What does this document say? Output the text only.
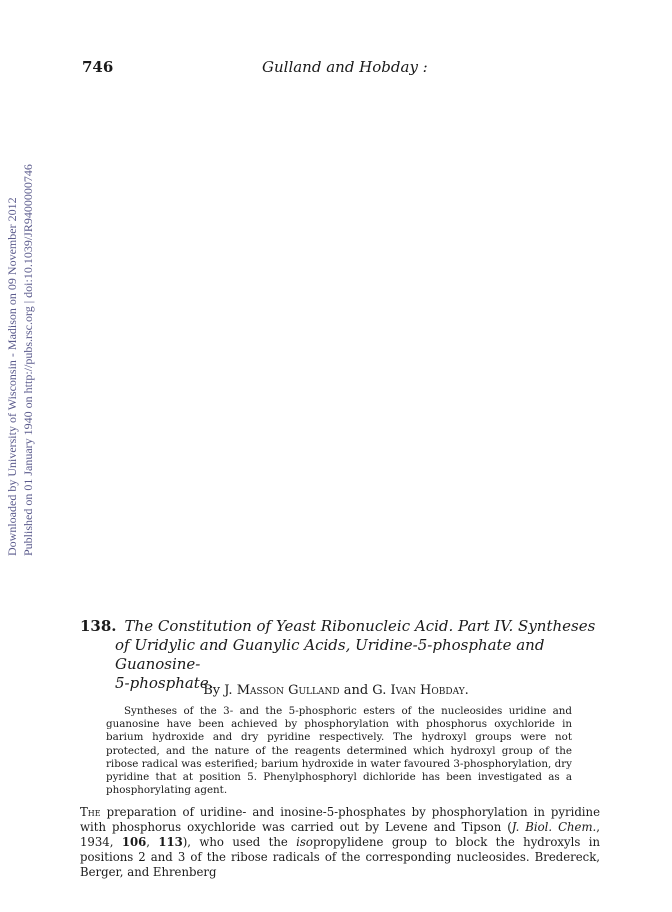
746	Gulland and Hobday :
Downloaded by University of Wisconsin - Madison on 09 November 2012 Published on 01 January 1940 on http://pubs.rsc.org | doi:10.1039/JR9400000746
138. The Constitution of Yeast Ribonucleic Acid. Part IV. Syntheses
of Uridylic and Guanylic Acids, Uridine-5-phosphate and Guanosine-
5-phosphate.
By J. Masson Gulland and G. Ivan Hobday.

Syntheses of the 3- and the 5-phosphoric esters of the nucleosides uridine and guanosine have been achieved by phosphorylation with phosphorus oxychloride in barium hydroxide and dry pyridine respectively. The hydroxyl groups were not protected, and the nature of the reagents determined which hydroxyl group of the ribose radical was esterified; barium hydroxide in water favoured 3-phosphorylation, dry pyridine that at position 5. Phenylphosphoryl dichloride has been investigated as a phosphorylating agent.

The preparation of uridine- and inosine-5-phosphates by phosphorylation in pyridine with phosphorus oxychloride was carried out by Levene and Tipson (J. Biol. Chem., 1934, 106, 113), who used the isopropylidene group to block the hydroxyls in positions 2 and 3 of the ribose radicals of the corresponding nucleosides. Bredereck, Berger, and Ehrenberg
